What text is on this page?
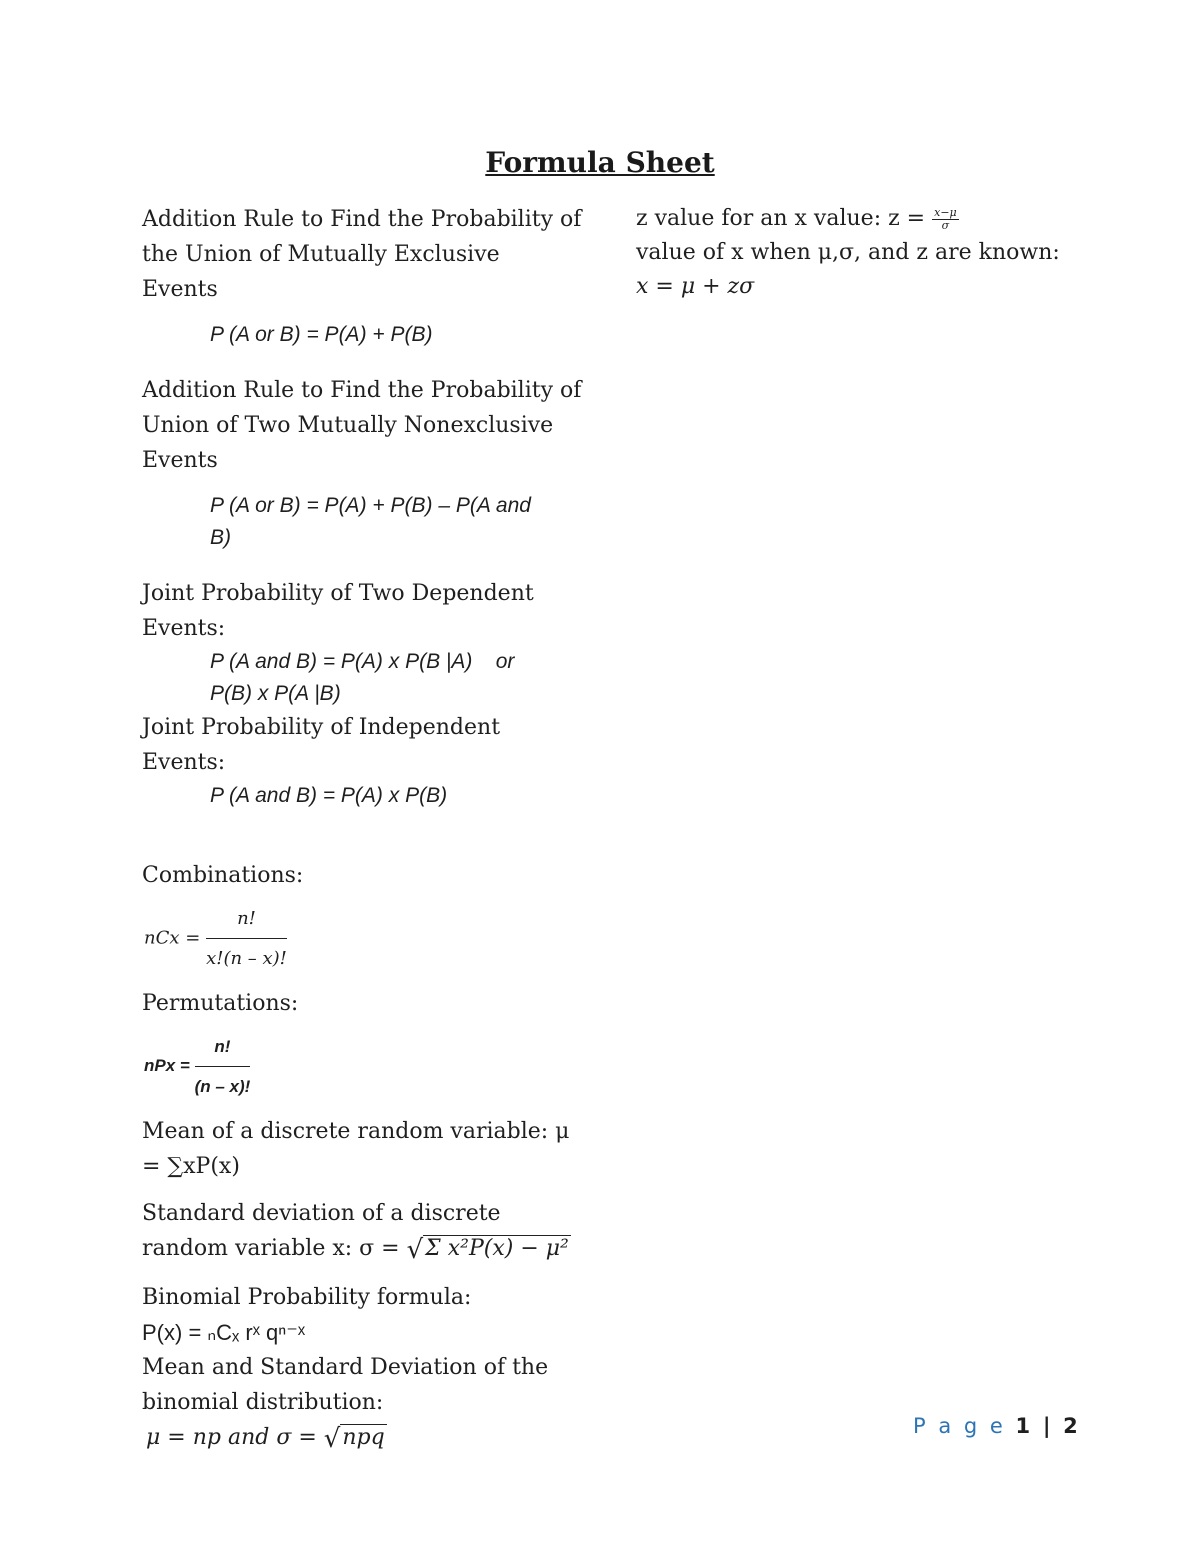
Formula Sheet

Addition Rule to Find the Probability of the Union of Mutually Exclusive Events

P (A or B) = P(A) + P(B)

Addition Rule to Find the Probability of Union of Two Mutually Nonexclusive Events

P (A or B) = P(A) + P(B) – P(A and

B)

Joint Probability of Two Dependent Events:

P (A and B) = P(A) x P(B |A)    or

P(B) x P(A |B)

Joint Probability of Independent Events:

P (A and B) = P(A) x P(B)

Combinations:

nCx = $\frac{n!}{x!(n - x)!}$

Permutations:

nPx = $\frac{n!}{(n - x)!}$

Mean of a discrete random variable: μ = ∑xP(x)

Standard deviation of a discrete random variable x: σ = √Σ x²P(x) − μ²

Binomial Probability formula:

P(x) = ₙCₓ rˣ qⁿ⁻ˣ

Mean and Standard Deviation of the binomial distribution:

μ = np and σ = √npq

z value for an x value: $z = \frac{x-\mu}{\sigma}$

value of x when μ,σ, and z are known:

x = μ + zσ

P a g e 1 | 2
